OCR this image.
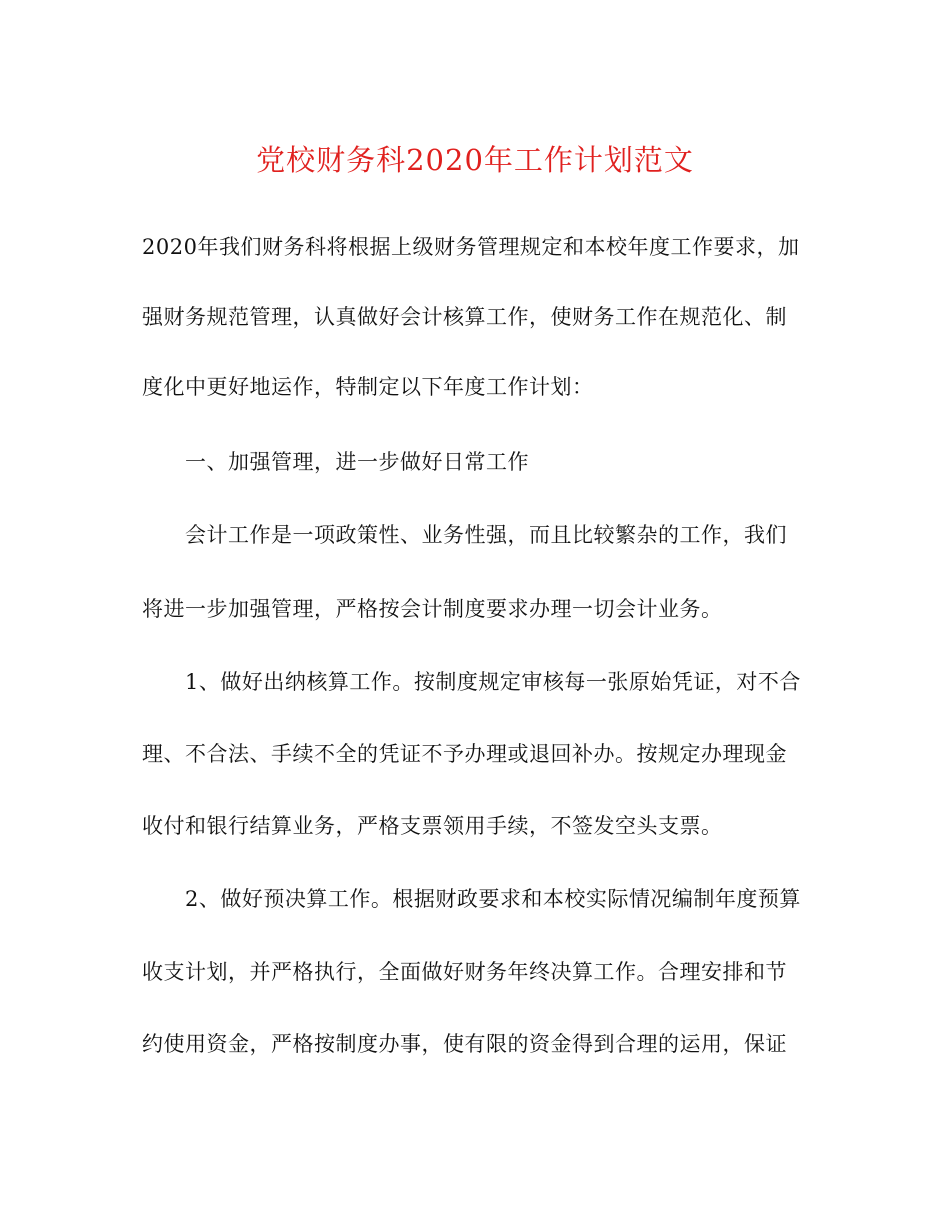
党校财务科2020年工作计划范文
2020年我们财务科将根据上级财务管理规定和本校年度工作要求，加
强财务规范管理，认真做好会计核算工作，使财务工作在规范化、制
度化中更好地运作，特制定以下年度工作计划：
一、加强管理，进一步做好日常工作
会计工作是一项政策性、业务性强，而且比较繁杂的工作，我们
将进一步加强管理，严格按会计制度要求办理一切会计业务。
1、做好出纳核算工作。按制度规定审核每一张原始凭证，对不合
理、不合法、手续不全的凭证不予办理或退回补办。按规定办理现金
收付和银行结算业务，严格支票领用手续，不签发空头支票。
2、做好预决算工作。根据财政要求和本校实际情况编制年度预算
收支计划，并严格执行，全面做好财务年终决算工作。合理安排和节
约使用资金，严格按制度办事，使有限的资金得到合理的运用，保证
